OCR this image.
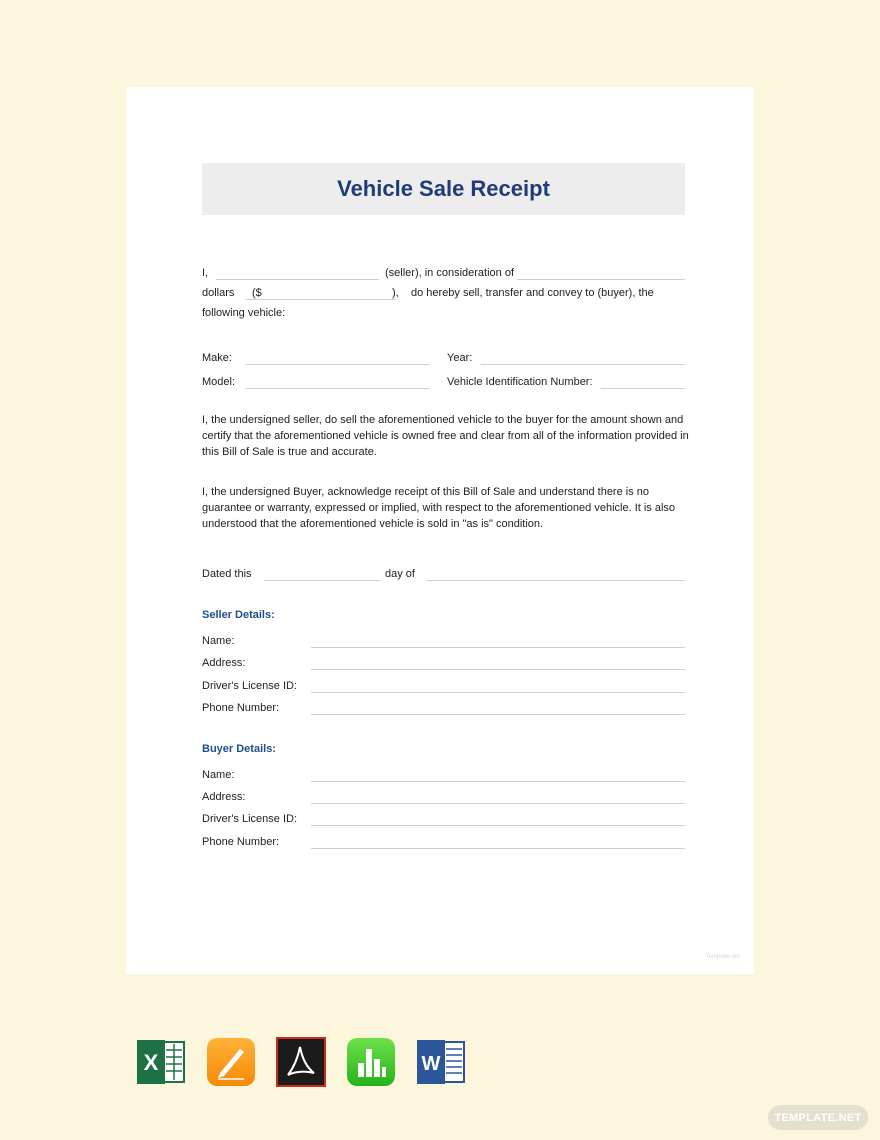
Vehicle Sale Receipt
I,	(seller), in consideration of
dollars ($	), do hereby sell, transfer and convey to (buyer), the
following vehicle:
Make:	Year:
Model:	Vehicle Identification Number:
I, the undersigned seller, do sell the aforementioned vehicle to the buyer for the amount shown and certify that the aforementioned vehicle is owned free and clear from all of the information provided in this Bill of Sale is true and accurate.
I, the undersigned Buyer, acknowledge receipt of this Bill of Sale and understand there is no guarantee or warranty, expressed or implied, with respect to the aforementioned vehicle. It is also understood that the aforementioned vehicle is sold in "as is" condition.
Dated this	day of
Seller Details:
Name:
Address:
Driver's License ID:
Phone Number:
Buyer Details:
Name:
Address:
Driver's License ID:
Phone Number:
Template.net
X	W
TEMPLATE.NET
